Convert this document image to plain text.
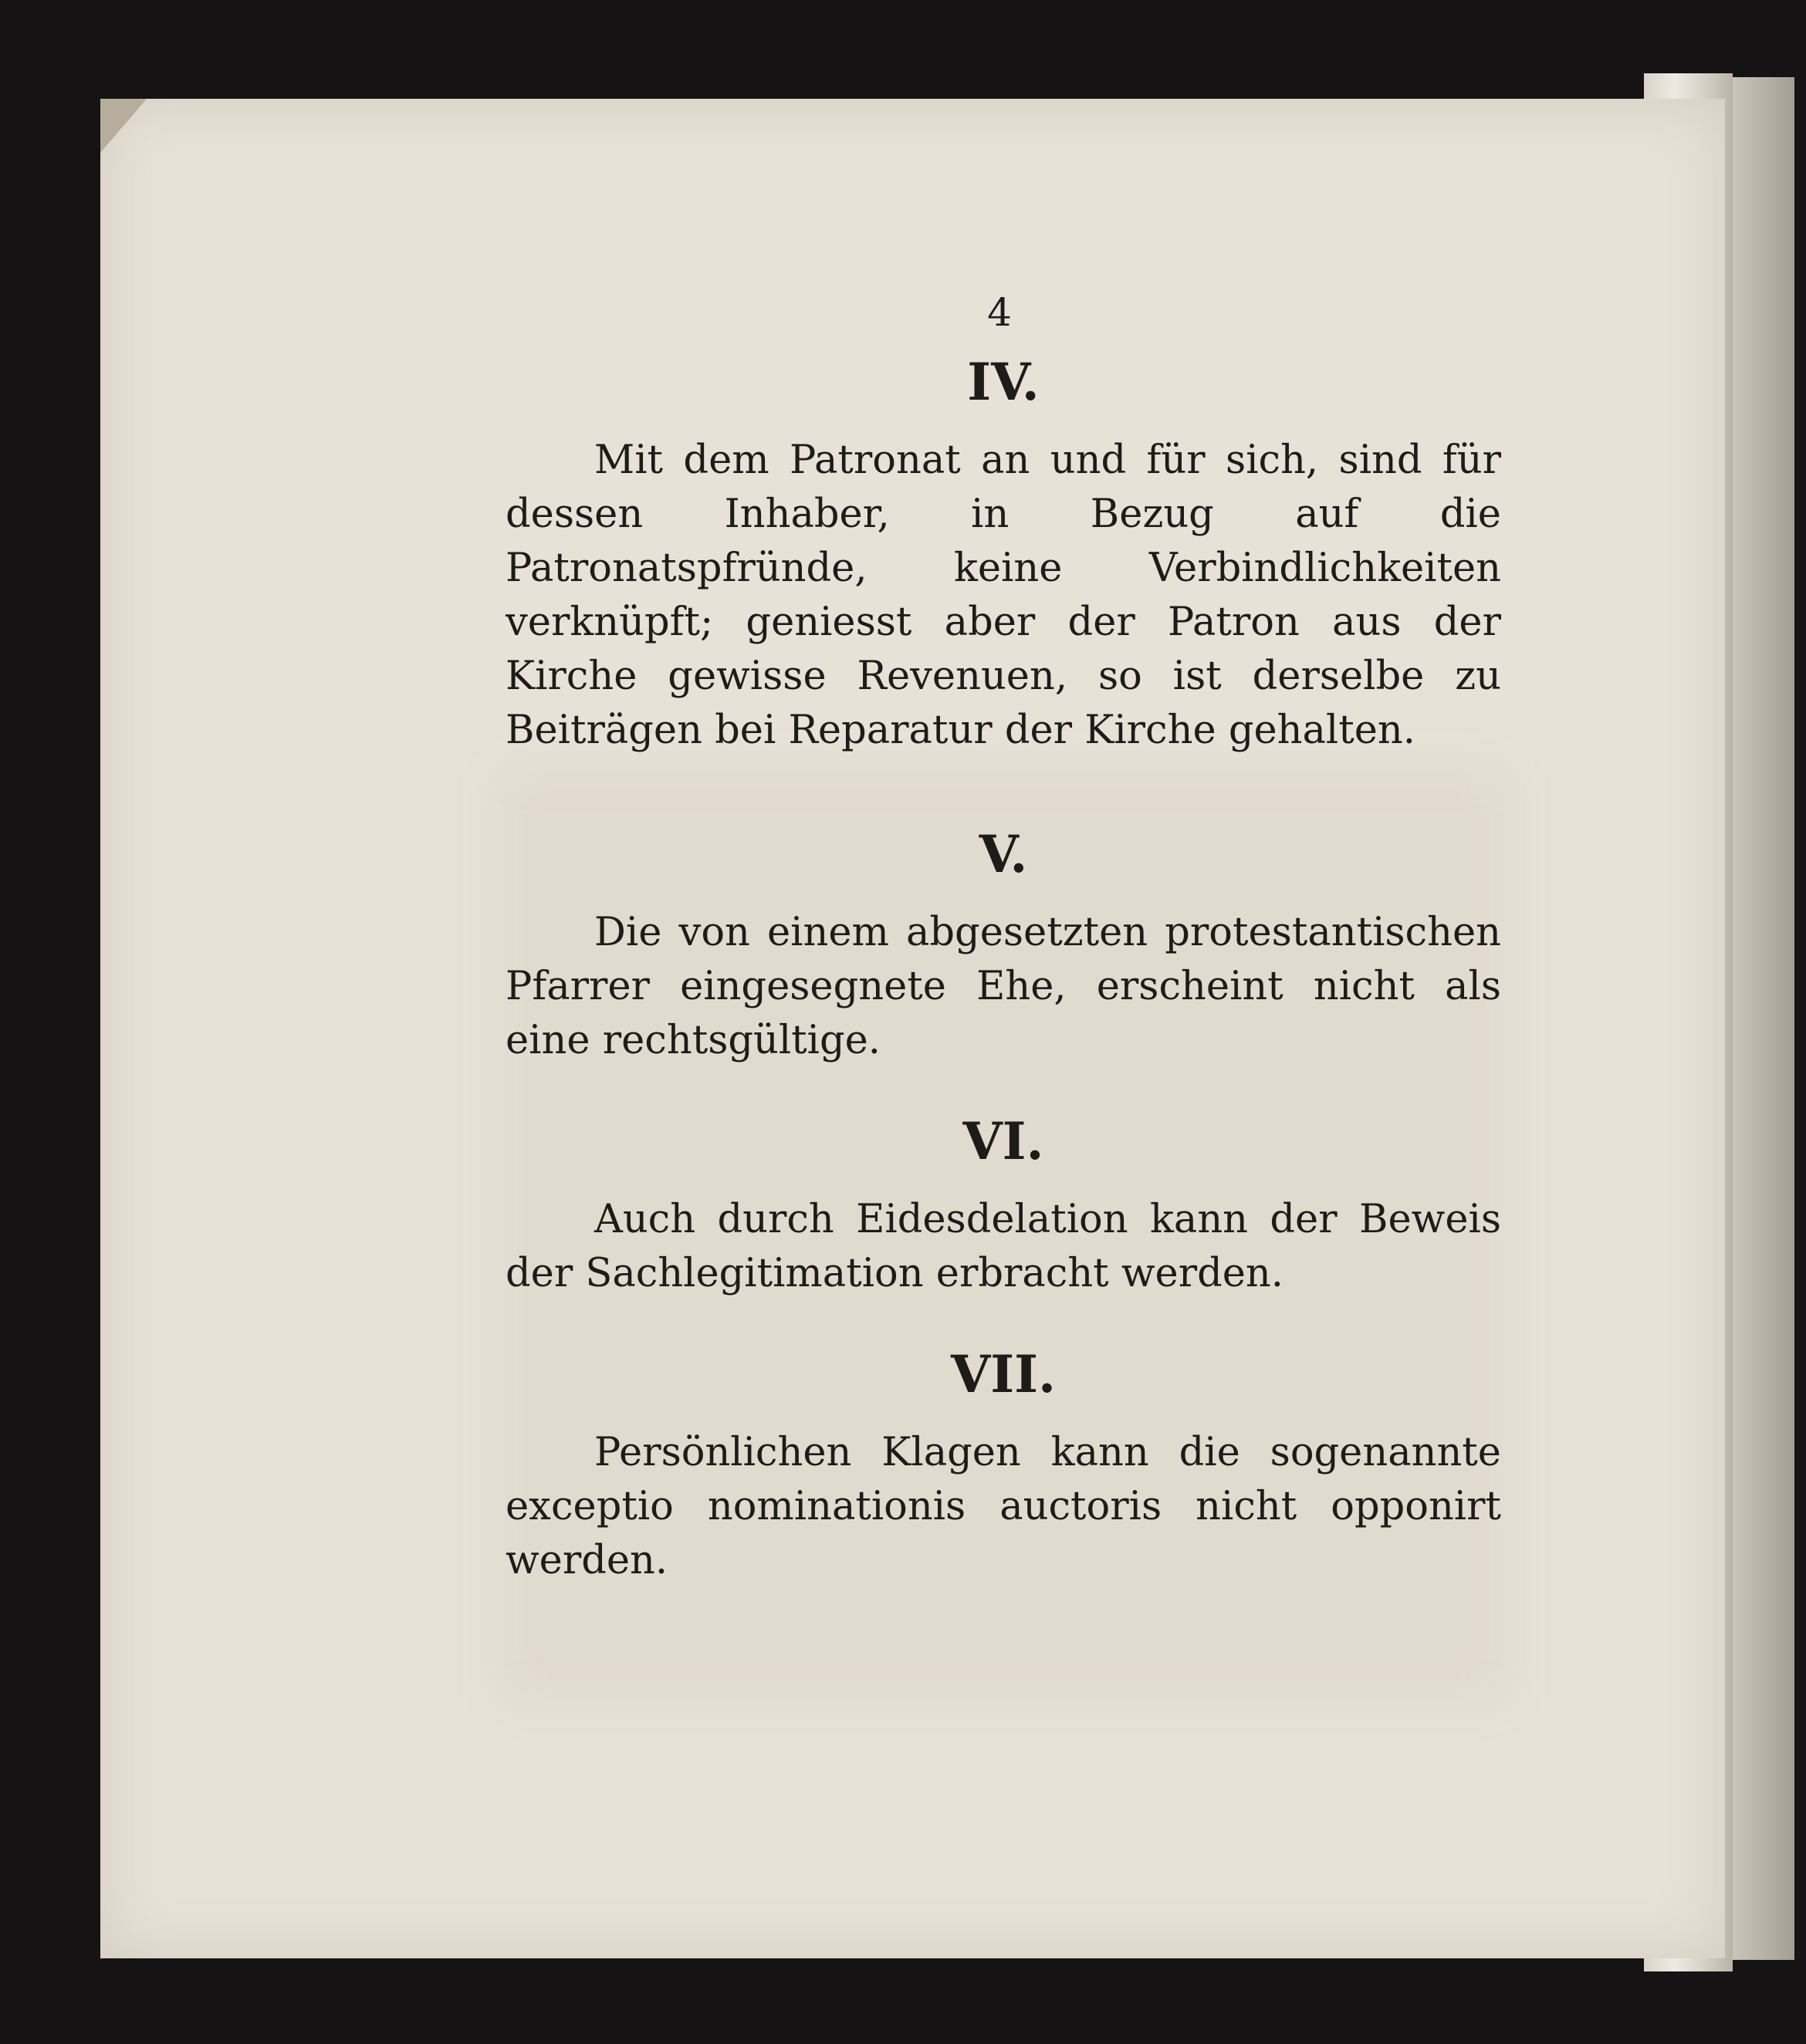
4
IV.
Mit dem Patronat an und für sich, sind für dessen Inhaber, in Bezug auf die Patronatspfründe, keine Verbindlichkeiten verknüpft; geniesst aber der Patron aus der Kirche gewisse Revenuen, so ist derselbe zu Beiträgen bei Reparatur der Kirche gehalten.
V.
Die von einem abgesetzten protestantischen Pfarrer eingesegnete Ehe, erscheint nicht als eine rechtsgültige.
VI.
Auch durch Eidesdelation kann der Beweis der Sachlegitimation erbracht werden.
VII.
Persönlichen Klagen kann die sogenannte exceptio nominationis auctoris nicht opponirt werden.
